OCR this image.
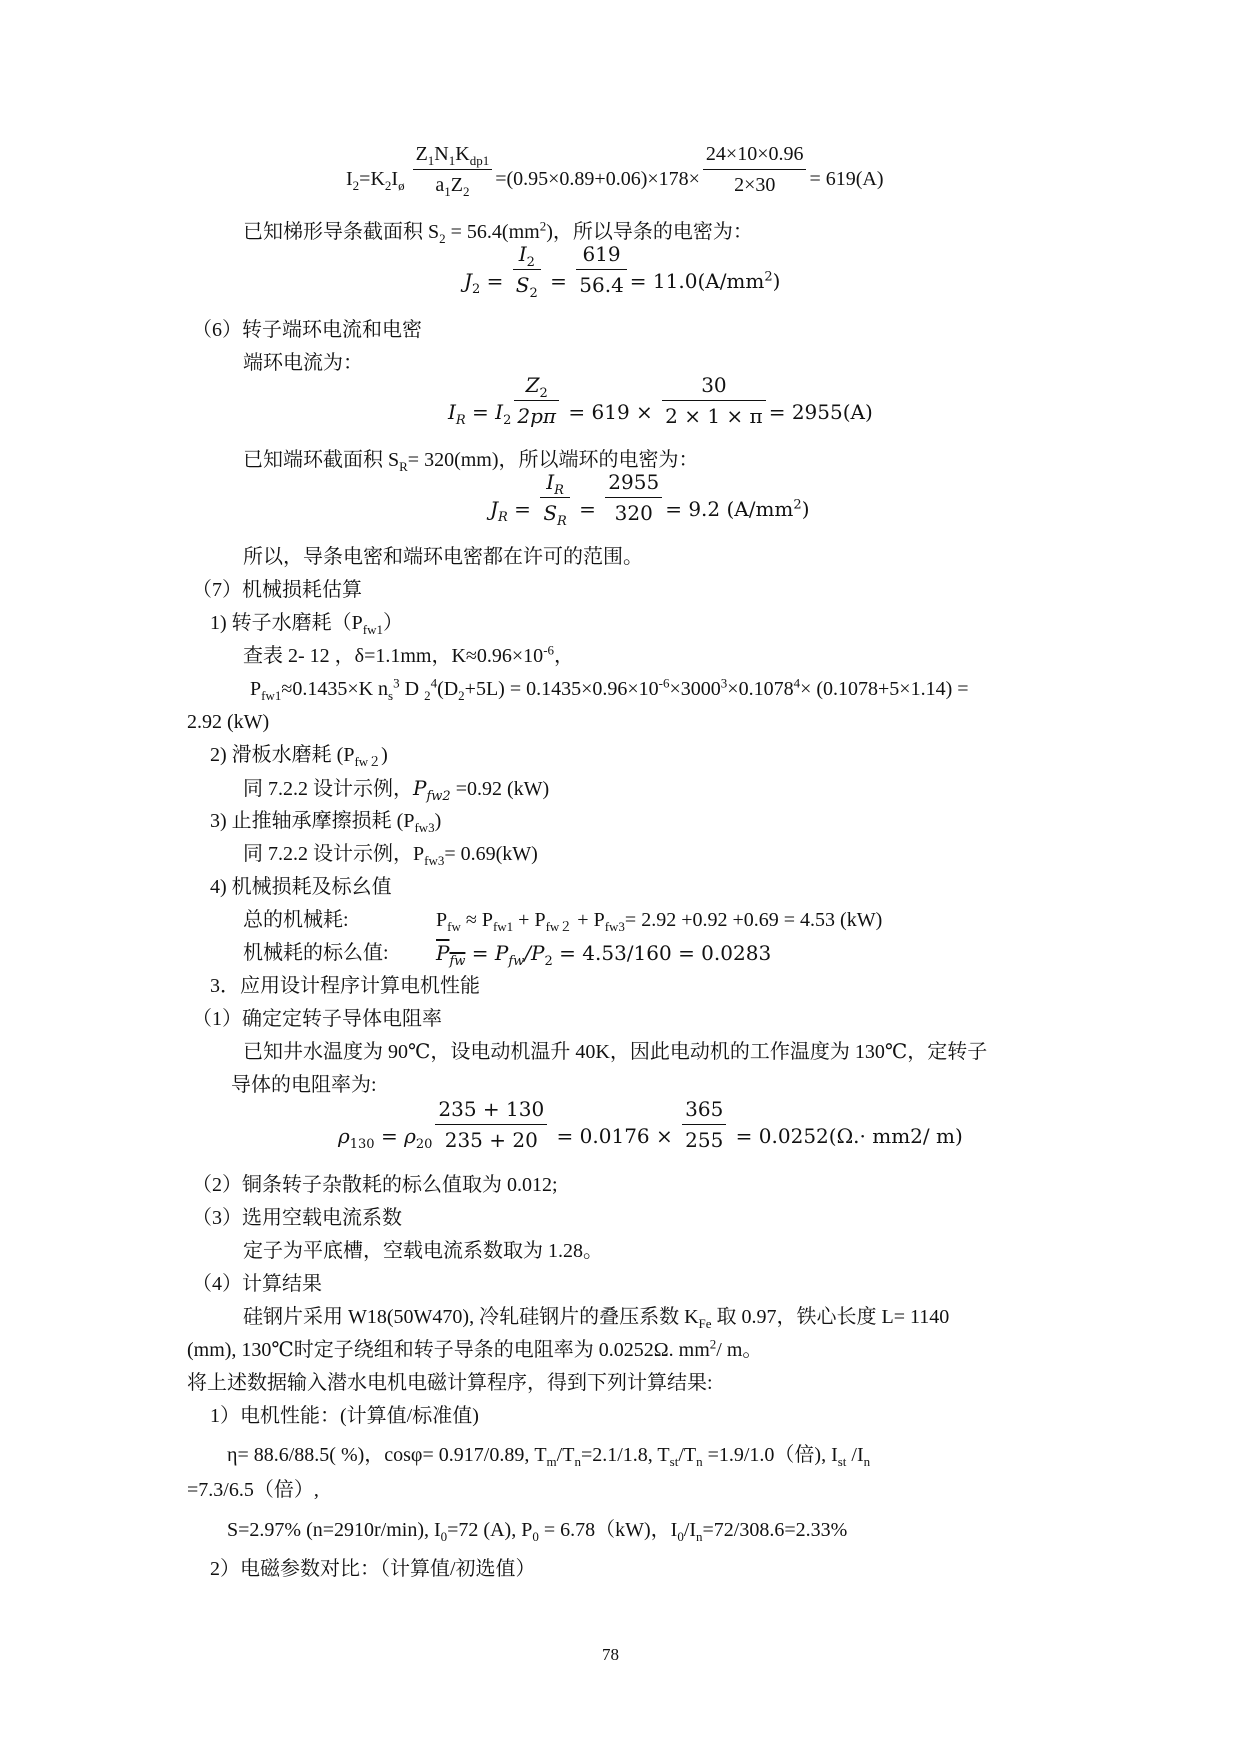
$I_2=K_2I_ø \frac{Z_1N_1K_{dp1}}{a_1Z_2} =(0.95\times 0.89+0.06)\times 178\times \frac{24\times 10\times 0.96}{2\times 30} = 619(A)$
已知梯形导条截面积 $S_2 = 56.4(mm^2)$，所以导条的电密为：
$J_2 = \frac{I_2}{S_2} = \frac{619}{56.4} = 11.0(A/mm^2)$
（6）转子端环电流和电密
端环电流为：
$I_R = I_2 \frac{Z_2}{2p\pi} = 619 \times \frac{30}{2 \times 1 \times \pi} = 2955(A)$
已知端环截面积 $S_R= 320(mm)$，所以端环的电密为：
$J_R = \frac{I_R}{S_R} = \frac{2955}{320} = 9.2$ $(A/mm^2)$
所以，导条电密和端环电密都在许可的范围。
（7）机械损耗估算
1) 转子水磨耗$(P_{fw1})$
查表 2- 12 ，δ=1.1mm，$K\approx 0.96\times 10^{-6}$，
$P_{fw1}\approx 0.1435\times K$ $n_s^3$ D $_2^4(D_2+5L) = 0.1435\times 0.96\times 10^{-6}\times 3000^3\times 0.1078^4\times (0.1078+5\times 1.14)$ =
2.92 (kW)
2) 滑板水磨耗 $(P_{fw2})$
同 7.2.2 设计示例，$P_{fw2} =0.92$ (kW)
3) 止推轴承摩擦损耗 $(P_{fw3})$
同 7.2.2 设计示例，$P_{fw3}= 0.69(kW)$
4) 机械损耗及标幺值
总的机械耗:	$P_{fw} \approx P_{fw1} + P_{fw2} + P_{fw3}= 2.92 +0.92 +0.69 = 4.53$ (kW)
机械耗的标么值: $P_{fw} = P_{fw}/P_2 = 4.53/160 = 0.0283$
3．应用设计程序计算电机性能
（1）确定定转子导体电阻率
已知井水温度为 90℃，设电动机温升 40K，因此电动机的工作温度为 130℃，定转子
导体的电阻率为:
$\rho_{130} = \rho_{20} \frac{235 + 130}{235 + 20} = 0.0176 \times \frac{365}{255} = 0.0252(\Omega.\cdot mm2/$ m)
（2）铜条转子杂散耗的标么值取为 0.012;
（3）选用空载电流系数
定子为平底槽，空载电流系数取为 1.28。
（4）计算结果
硅钢片采用 W18(50W470), 冷轧硅钢片的叠压系数 $K_{Fe}$ 取 0.97，铁心长度 L= 1140
(mm), 130℃时定子绕组和转子导条的电阻率为 0.0252Ω. $mm^2/$ m。
将上述数据输入潜水电机电磁计算程序，得到下列计算结果:
1）电机性能：(计算值/标准值)
η= 88.6/88.5( %)，cosφ= 0.917/0.89, $T_m/T_n=2.1/1.8$, $T_{st}/T_n =1.9/1.0$（倍), $I_{st}$ $/I_n$
=7.3/6.5（倍）,
S=2.97% (n=2910r/min), $I_0=72$ (A), $P_0 = 6.78(kW)$，$I_0/I_n=72/308.6=2.33\%$
2）电磁参数对比：（计算值/初选值）
78
